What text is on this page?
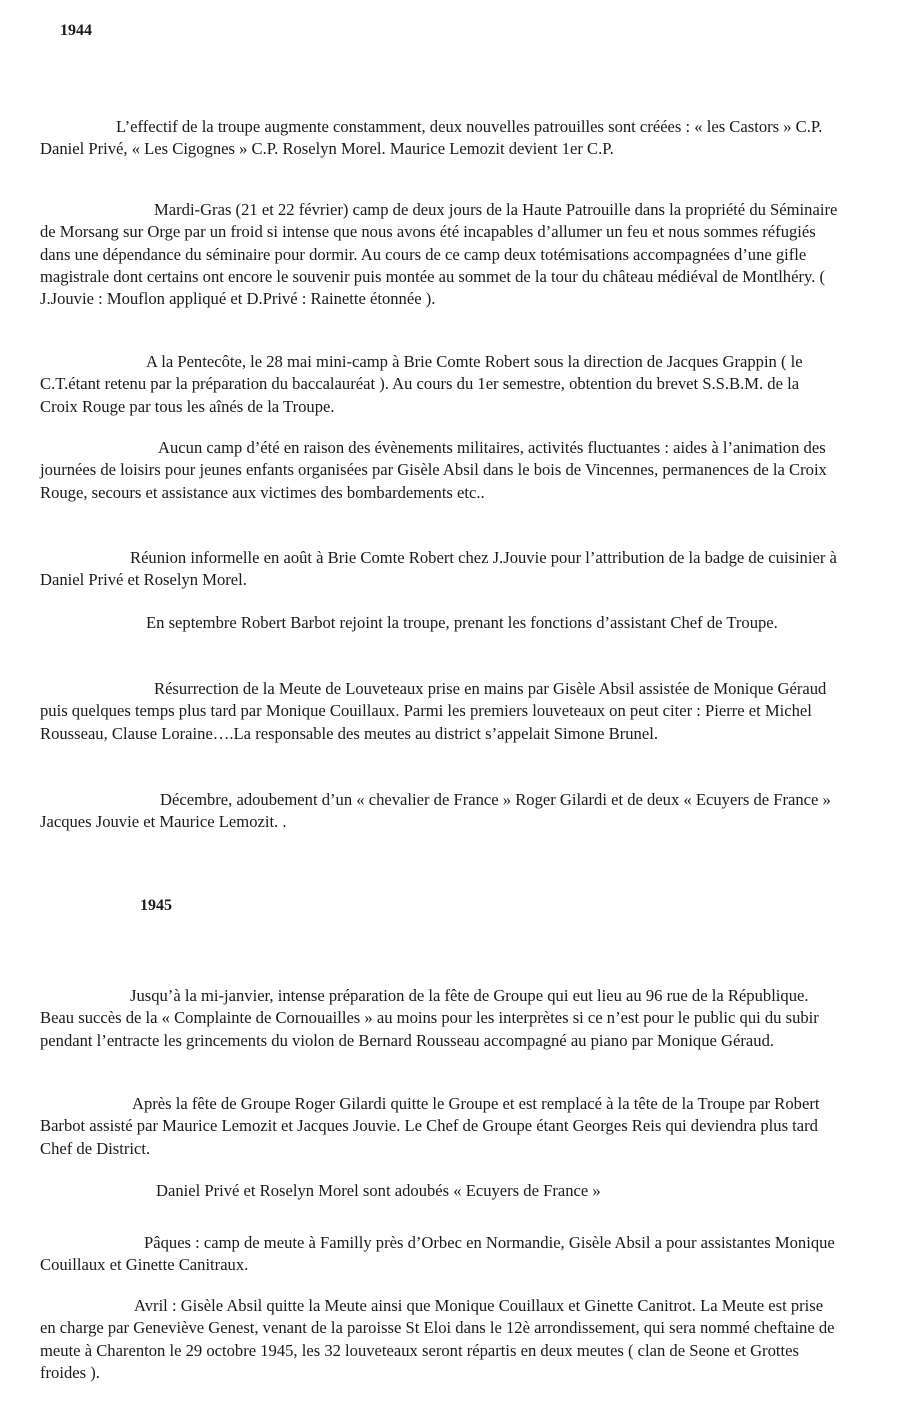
1944

L’effectif de la troupe augmente constamment, deux nouvelles patrouilles sont créées : « les Castors » C.P. Daniel Privé, « Les Cigognes » C.P. Roselyn Morel. Maurice Lemozit devient 1er C.P.

Mardi-Gras (21 et 22 février) camp de deux jours de la Haute Patrouille dans la propriété du Séminaire de Morsang sur Orge par un froid si intense que nous avons été incapables d’allumer un feu et nous sommes réfugiés dans une dépendance du séminaire pour dormir. Au cours de ce camp deux totémisations accompagnées d’une gifle magistrale dont certains ont encore le souvenir puis montée au sommet de la tour du château médiéval de Montlhéry. ( J.Jouvie : Mouflon appliqué et D.Privé : Rainette étonnée ).

A la Pentecôte, le 28 mai mini-camp à Brie Comte Robert sous la direction de Jacques Grappin ( le C.T.étant retenu par la préparation du baccalauréat ). Au cours du 1er semestre, obtention du brevet S.S.B.M. de la Croix Rouge par tous les aînés de la Troupe.

Aucun camp d’été en raison des évènements militaires, activités fluctuantes : aides à l’animation des journées de loisirs pour jeunes enfants organisées par Gisèle Absil dans le bois de Vincennes, permanences de la Croix Rouge, secours et assistance aux victimes des bombardements etc..

Réunion informelle en août à Brie Comte Robert chez J.Jouvie pour l’attribution de la badge de cuisinier à Daniel Privé et Roselyn Morel.

En septembre Robert Barbot rejoint la troupe, prenant les fonctions d’assistant Chef de Troupe.

Résurrection de la Meute de Louveteaux prise en mains par Gisèle Absil assistée de Monique Géraud puis quelques temps plus tard par Monique Couillaux. Parmi les premiers louveteaux on peut citer : Pierre et Michel Rousseau, Clause Loraine….La responsable des meutes au district s’appelait Simone Brunel.

Décembre, adoubement d’un « chevalier de France » Roger Gilardi et de deux « Ecuyers de France » Jacques Jouvie et Maurice Lemozit. .

1945

Jusqu’à la mi-janvier, intense préparation de la fête de Groupe qui eut lieu au 96 rue de la République. Beau succès de la « Complainte de Cornouailles » au moins pour les interprètes si ce n’est pour le public qui du subir pendant l’entracte les grincements du violon de Bernard Rousseau accompagné au piano par Monique Géraud.

Après la fête de Groupe Roger Gilardi quitte le Groupe et est remplacé à la tête de la Troupe par Robert Barbot assisté par Maurice Lemozit et Jacques Jouvie. Le Chef de Groupe étant Georges Reis qui deviendra plus tard Chef de District.

Daniel Privé et Roselyn Morel sont adoubés « Ecuyers de France »

Pâques : camp de meute à Familly près d’Orbec en Normandie, Gisèle Absil a pour assistantes Monique Couillaux et Ginette Canitraux.

Avril : Gisèle Absil quitte la Meute ainsi que Monique Couillaux et Ginette Canitrot. La Meute est prise en charge par Geneviève Genest, venant de la paroisse St Eloi dans le 12è arrondissement, qui sera nommé cheftaine de meute à Charenton le 29 octobre 1945, les 32 louveteaux seront répartis en deux meutes ( clan de Seone et Grottes froides ).
